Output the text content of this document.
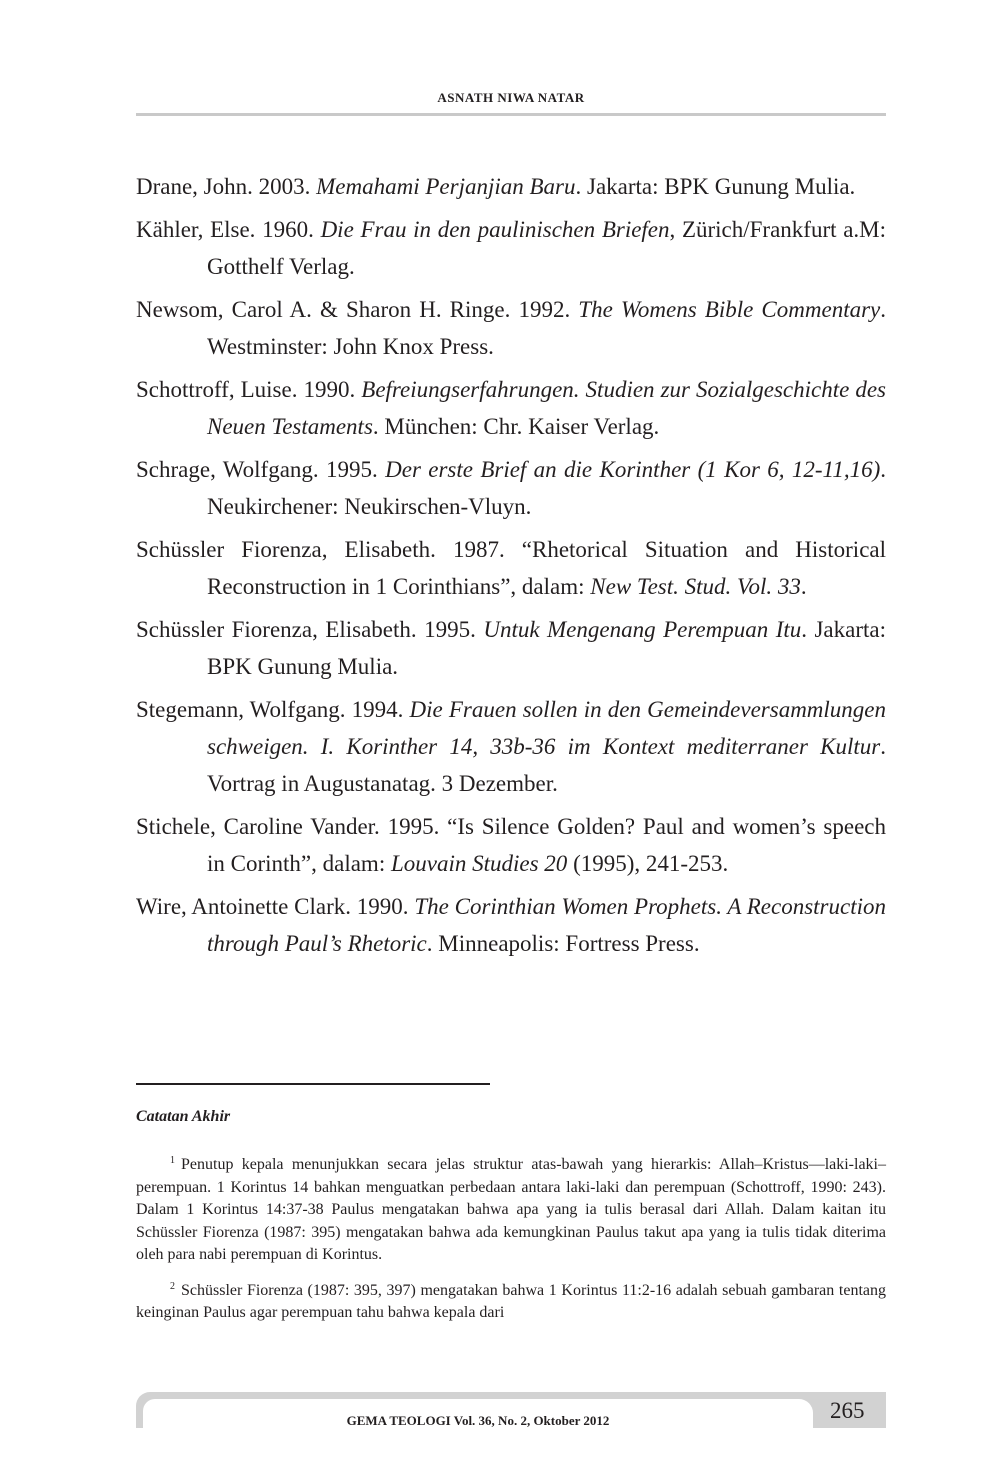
ASNATH NIWA NATAR

Drane, John. 2003. Memahami Perjanjian Baru. Jakarta: BPK Gunung Mulia.

Kähler, Else. 1960. Die Frau in den paulinischen Briefen, Zürich/Frankfurt a.M: Gotthelf Verlag.

Newsom, Carol A. & Sharon H. Ringe. 1992. The Womens Bible Commentary. Westminster: John Knox Press.

Schottroff, Luise. 1990. Befreiungserfahrungen. Studien zur Sozialgeschichte des Neuen Testaments. München: Chr. Kaiser Verlag.

Schrage, Wolfgang. 1995. Der erste Brief an die Korinther (1 Kor 6, 12-11,16). Neukirchener: Neukirschen-Vluyn.

Schüssler Fiorenza, Elisabeth. 1987. “Rhetorical Situation and Historical Reconstruction in 1 Corinthians”, dalam: New Test. Stud. Vol. 33.

Schüssler Fiorenza, Elisabeth. 1995. Untuk Mengenang Perempuan Itu. Jakarta: BPK Gunung Mulia.

Stegemann, Wolfgang. 1994. Die Frauen sollen in den Gemeindeversammlungen schweigen. I. Korinther 14, 33b-36 im Kontext mediterraner Kultur. Vortrag in Augustanatag. 3 Dezember.

Stichele, Caroline Vander. 1995. “Is Silence Golden? Paul and women’s speech in Corinth”, dalam: Louvain Studies 20 (1995), 241-253.

Wire, Antoinette Clark. 1990. The Corinthian Women Prophets. A Reconstruction through Paul’s Rhetoric. Minneapolis: Fortress Press.

Catatan Akhir

$^1$ Penutup kepala menunjukkan secara jelas struktur atas-bawah yang hierarkis: Allah–Kristus—laki-laki–perempuan. 1 Korintus 14 bahkan menguatkan perbedaan antara laki-laki dan perempuan (Schottroff, 1990: 243). Dalam 1 Korintus 14:37-38 Paulus mengatakan bahwa apa yang ia tulis berasal dari Allah. Dalam kaitan itu Schüssler Fiorenza (1987: 395) mengatakan bahwa ada kemungkinan Paulus takut apa yang ia tulis tidak diterima oleh para nabi perempuan di Korintus.

$^2$ Schüssler Fiorenza (1987: 395, 397) mengatakan bahwa 1 Korintus 11:2-16 adalah sebuah gambaran tentang keinginan Paulus agar perempuan tahu bahwa kepala dari

GEMA TEOLOGI Vol. 36, No. 2, Oktober 2012	265
